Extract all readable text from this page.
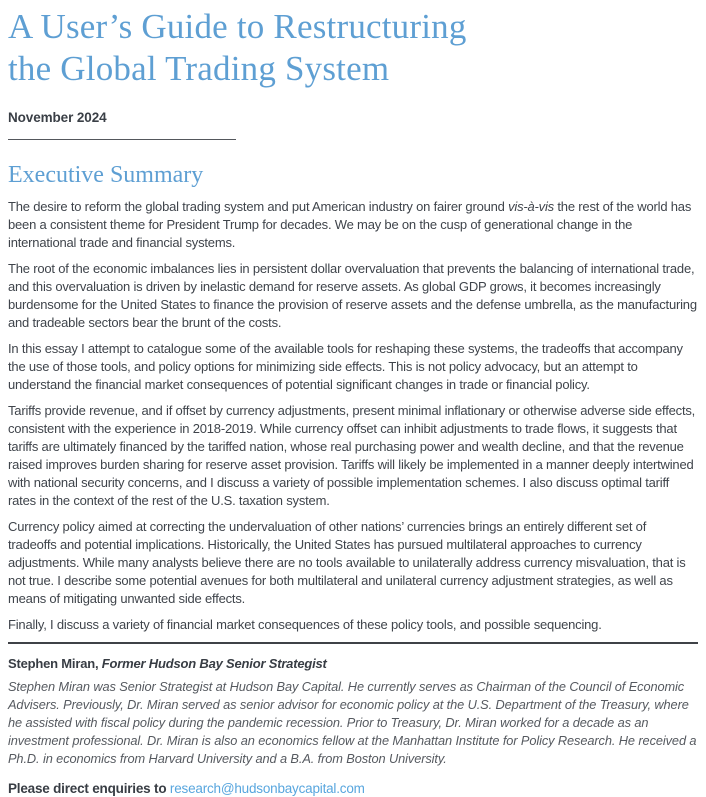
A User’s Guide to Restructuring
the Global Trading System
November 2024
Executive Summary

The desire to reform the global trading system and put American industry on fairer ground vis-à-vis the rest of the world has been a consistent theme for President Trump for decades. We may be on the cusp of generational change in the international trade and financial systems.

The root of the economic imbalances lies in persistent dollar overvaluation that prevents the balancing of international trade, and this overvaluation is driven by inelastic demand for reserve assets. As global GDP grows, it becomes increasingly burdensome for the United States to finance the provision of reserve assets and the defense umbrella, as the manufacturing and tradeable sectors bear the brunt of the costs.

In this essay I attempt to catalogue some of the available tools for reshaping these systems, the tradeoffs that accompany the use of those tools, and policy options for minimizing side effects. This is not policy advocacy, but an attempt to understand the financial market consequences of potential significant changes in trade or financial policy.

Tariffs provide revenue, and if offset by currency adjustments, present minimal inflationary or otherwise adverse side effects, consistent with the experience in 2018-2019. While currency offset can inhibit adjustments to trade flows, it suggests that tariffs are ultimately financed by the tariffed nation, whose real purchasing power and wealth decline, and that the revenue raised improves burden sharing for reserve asset provision. Tariffs will likely be implemented in a manner deeply intertwined with national security concerns, and I discuss a variety of possible implementation schemes. I also discuss optimal tariff rates in the context of the rest of the U.S. taxation system.

Currency policy aimed at correcting the undervaluation of other nations’ currencies brings an entirely different set of tradeoffs and potential implications. Historically, the United States has pursued multilateral approaches to currency adjustments. While many analysts believe there are no tools available to unilaterally address currency misvaluation, that is not true. I describe some potential avenues for both multilateral and unilateral currency adjustment strategies, as well as means of mitigating unwanted side effects.

Finally, I discuss a variety of financial market consequences of these policy tools, and possible sequencing.

Stephen Miran, Former Hudson Bay Senior Strategist
Stephen Miran was Senior Strategist at Hudson Bay Capital. He currently serves as Chairman of the Council of Economic Advisers. Previously, Dr. Miran served as senior advisor for economic policy at the U.S. Department of the Treasury, where he assisted with fiscal policy during the pandemic recession. Prior to Treasury, Dr. Miran worked for a decade as an investment professional. Dr. Miran is also an economics fellow at the Manhattan Institute for Policy Research. He received a Ph.D. in economics from Harvard University and a B.A. from Boston University.
Please direct enquiries to research@hudsonbaycapital.com
